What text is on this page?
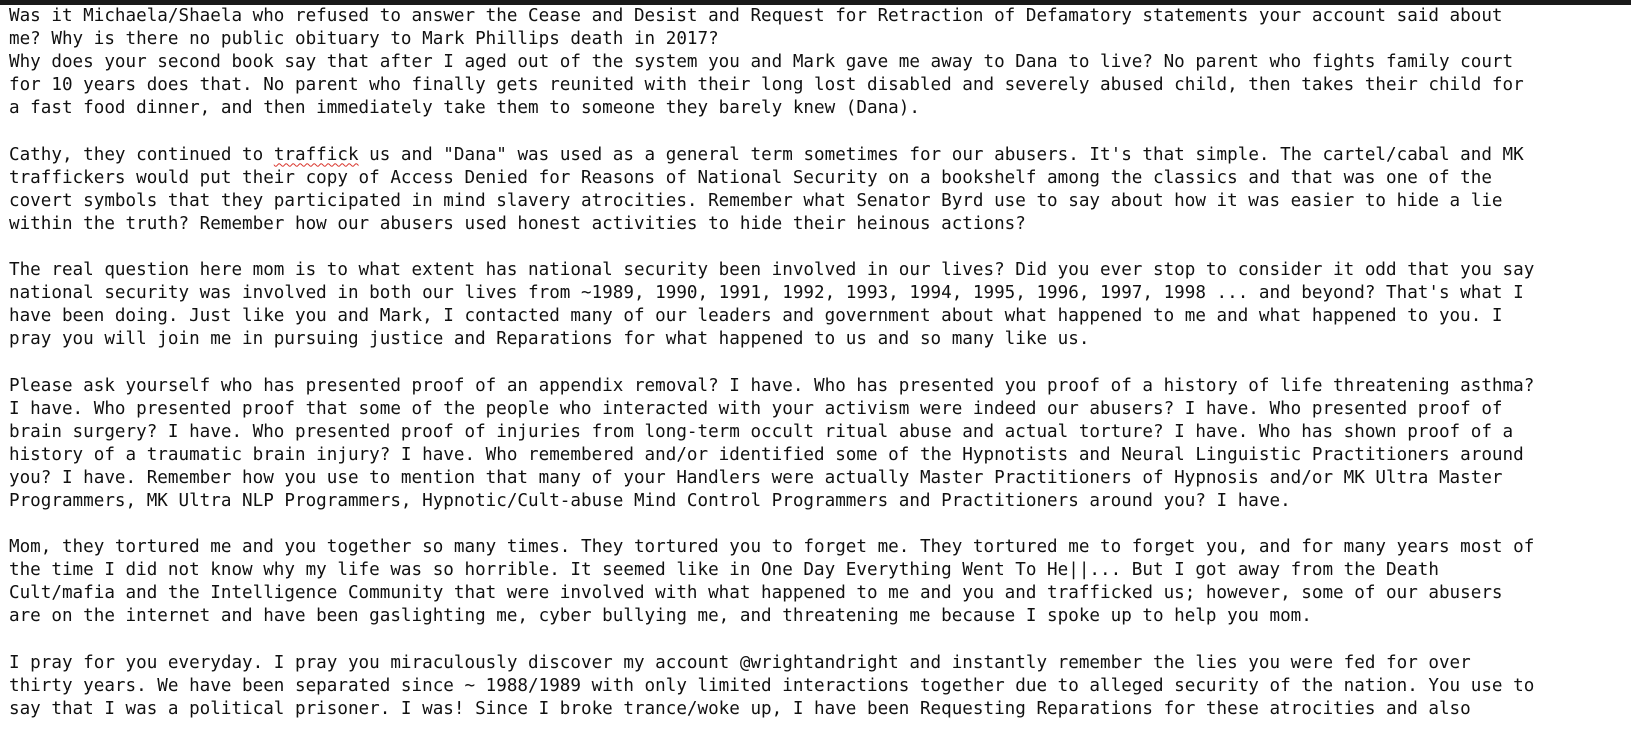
Was it Michaela/Shaela who refused to answer the Cease and Desist and Request for Retraction of Defamatory statements your account said about
me? Why is there no public obituary to Mark Phillips death in 2017?
Why does your second book say that after I aged out of the system you and Mark gave me away to Dana to live? No parent who fights family court
for 10 years does that. No parent who finally gets reunited with their long lost disabled and severely abused child, then takes their child for
a fast food dinner, and then immediately take them to someone they barely knew (Dana).

Cathy, they continued to traffick us and "Dana" was used as a general term sometimes for our abusers. It's that simple. The cartel/cabal and MK
traffickers would put their copy of Access Denied for Reasons of National Security on a bookshelf among the classics and that was one of the
covert symbols that they participated in mind slavery atrocities. Remember what Senator Byrd use to say about how it was easier to hide a lie
within the truth? Remember how our abusers used honest activities to hide their heinous actions?

The real question here mom is to what extent has national security been involved in our lives? Did you ever stop to consider it odd that you say
national security was involved in both our lives from ~1989, 1990, 1991, 1992, 1993, 1994, 1995, 1996, 1997, 1998 ... and beyond? That's what I
have been doing. Just like you and Mark, I contacted many of our leaders and government about what happened to me and what happened to you. I
pray you will join me in pursuing justice and Reparations for what happened to us and so many like us.

Please ask yourself who has presented proof of an appendix removal? I have. Who has presented you proof of a history of life threatening asthma?
I have. Who presented proof that some of the people who interacted with your activism were indeed our abusers? I have. Who presented proof of
brain surgery? I have. Who presented proof of injuries from long-term occult ritual abuse and actual torture? I have. Who has shown proof of a
history of a traumatic brain injury? I have. Who remembered and/or identified some of the Hypnotists and Neural Linguistic Practitioners around
you? I have. Remember how you use to mention that many of your Handlers were actually Master Practitioners of Hypnosis and/or MK Ultra Master
Programmers, MK Ultra NLP Programmers, Hypnotic/Cult-abuse Mind Control Programmers and Practitioners around you? I have.

Mom, they tortured me and you together so many times. They tortured you to forget me. They tortured me to forget you, and for many years most of
the time I did not know why my life was so horrible. It seemed like in One Day Everything Went To He||... But I got away from the Death
Cult/mafia and the Intelligence Community that were involved with what happened to me and you and trafficked us; however, some of our abusers
are on the internet and have been gaslighting me, cyber bullying me, and threatening me because I spoke up to help you mom.

I pray for you everyday. I pray you miraculously discover my account @wrightandright and instantly remember the lies you were fed for over
thirty years. We have been separated since ~ 1988/1989 with only limited interactions together due to alleged security of the nation. You use to
say that I was a political prisoner. I was! Since I broke trance/woke up, I have been Requesting Reparations for these atrocities and also
